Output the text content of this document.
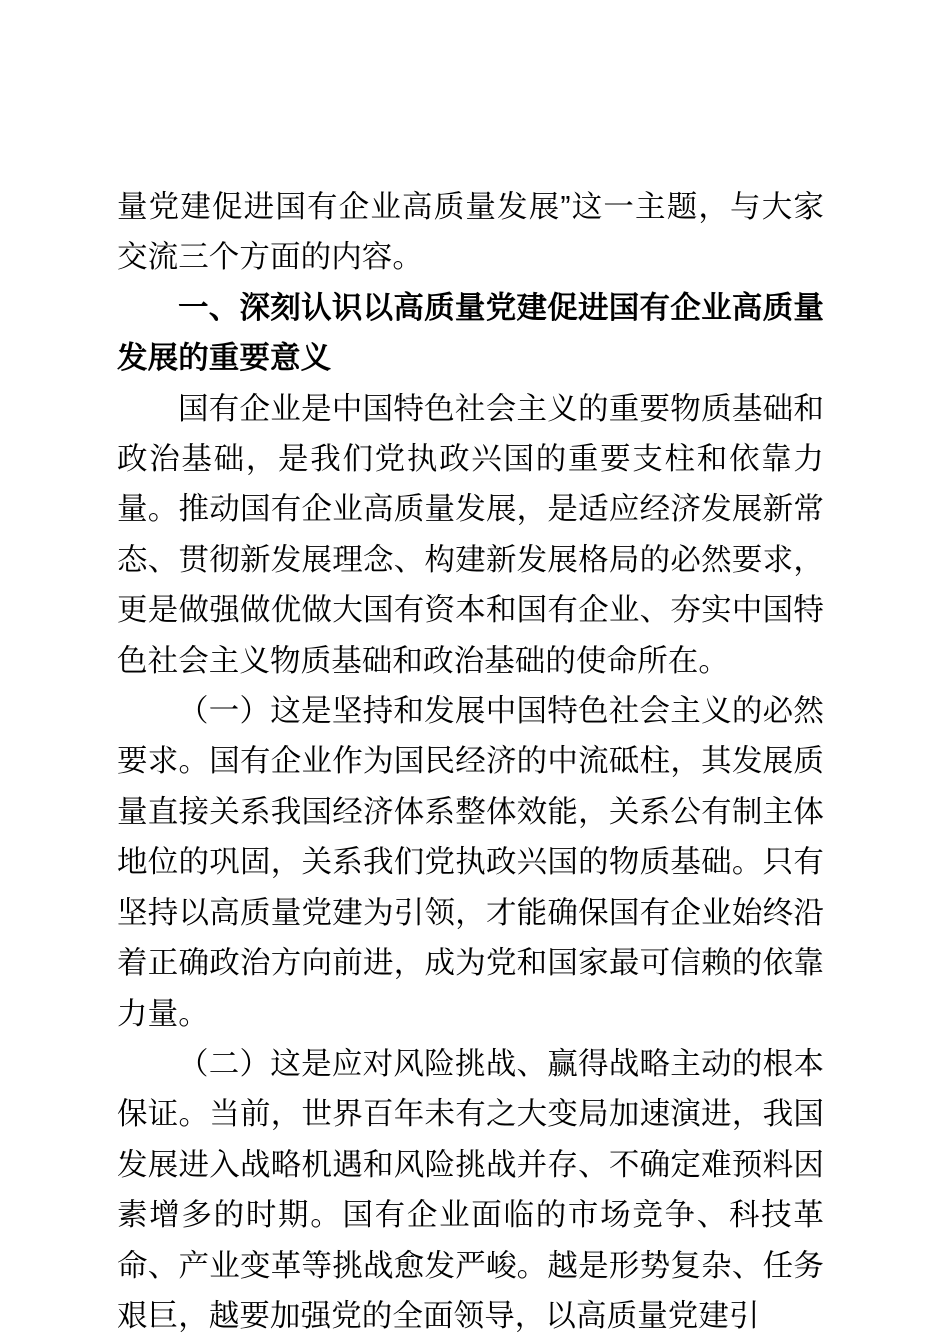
量党建促进国有企业高质量发展”这一主题，与大家交流三个方面的内容。

一、深刻认识以高质量党建促进国有企业高质量发展的重要意义

国有企业是中国特色社会主义的重要物质基础和政治基础，是我们党执政兴国的重要支柱和依靠力量。推动国有企业高质量发展，是适应经济发展新常态、贯彻新发展理念、构建新发展格局的必然要求，更是做强做优做大国有资本和国有企业、夯实中国特色社会主义物质基础和政治基础的使命所在。

（一）这是坚持和发展中国特色社会主义的必然要求。国有企业作为国民经济的中流砥柱，其发展质量直接关系我国经济体系整体效能，关系公有制主体地位的巩固，关系我们党执政兴国的物质基础。只有坚持以高质量党建为引领，才能确保国有企业始终沿着正确政治方向前进，成为党和国家最可信赖的依靠力量。

（二）这是应对风险挑战、赢得战略主动的根本保证。当前，世界百年未有之大变局加速演进，我国发展进入战略机遇和风险挑战并存、不确定难预料因素增多的时期。国有企业面临的市场竞争、科技革命、产业变革等挑战愈发严峻。越是形势复杂、任务艰巨，越要加强党的全面领导，以高质量党建引
